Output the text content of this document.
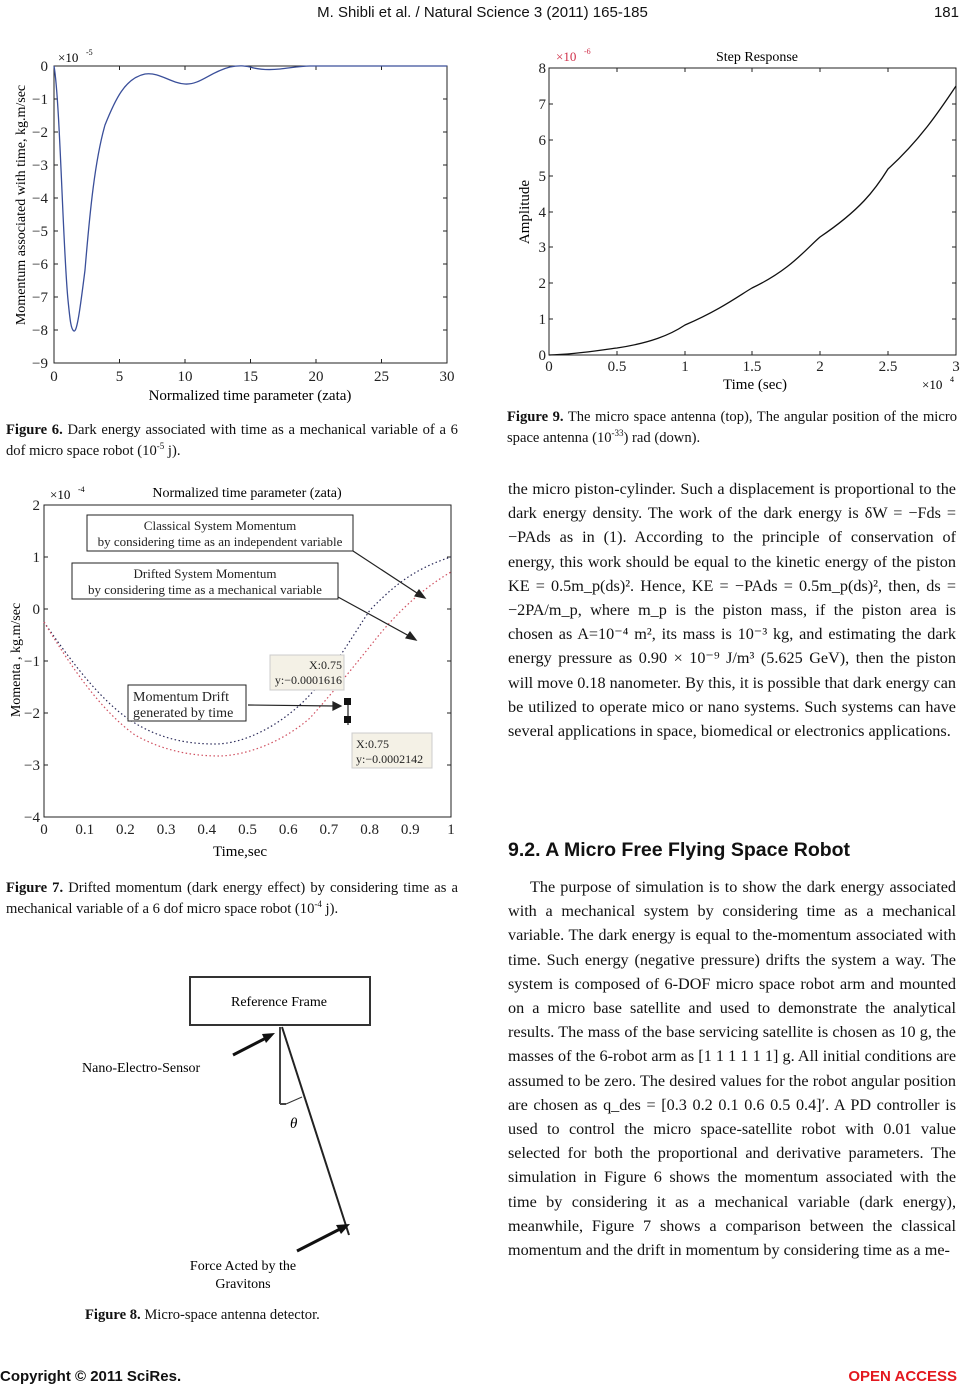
M. Shibli et al. / Natural Science 3 (2011) 165-185	181
0
−1
−2
−3
−4
−5
−6
−7
−8
−9
0	5	10	15	20	25	30
Normalized time parameter (zata)
Momentum associated with time, kg.m/sec
×10 -5
Figure 6. Dark energy associated with time as a mechanical variable of a 6 dof micro space robot ($10^{-5}$ j).
Classical System Momentum
by considering time as an independent variable
Drifted System Momentum
by considering time as a mechanical variable
Momentum Drift
generated by time
X:0.75
y:−0.0001616
X:0.75
y:−0.0002142
2
1
0
−1
−2
−3
−4
0 0.1 0.2 0.3 0.4 0.5 0.6 0.7 0.8 0.9 1
Normalized time parameter (zata)
Time,sec
Momenta , kg.m/sec
×10 -4
Figure 7. Drifted momentum (dark energy effect) by considering time as a mechanical variable of a 6 dof micro space robot ($10^{-4}$ j).
Reference Frame
θ
Nano-Electro-Sensor
Force Acted by the
Gravitons
Figure 8. Micro-space antenna detector.
8
7
6
5
4
3
2
1
0
0	0.5	1	1.5	2	2.5	3
Step Response
Time (sec)
Amplitude
×10 -6
×10 4
Figure 9. The micro space antenna (top), The angular position of the micro space antenna $(10^{-33})$ rad (down).

the micro piston-cylinder. Such a displacement is proportional to the dark energy density. The work of the dark energy is δW = −Fds = −PAds as in (1). According to the principle of conservation of energy, this work should be equal to the kinetic energy of the piston KE = 0.5m_p(ds)². Hence, KE = −PAds = 0.5m_p(ds)², then, ds = −2PA/m_p, where m_p is the piston mass, if the piston area is chosen as A=10⁻⁴ m², its mass is 10⁻³ kg, and estimating the dark energy pressure as 0.90 × 10⁻⁹ J/m³ (5.625 GeV), then the piston will move 0.18 nanometer. By this, it is possible that dark energy can be utilized to operate mico or nano systems. Such systems can have several applications in space, biomedical or electronics applications.

9.2. A Micro Free Flying Space Robot

The purpose of simulation is to show the dark energy associated with a mechanical system by considering time as a mechanical variable. The dark energy is equal to the-momentum associated with time. Such energy (negative pressure) drifts the system a way. The system is composed of 6-DOF micro space robot arm and mounted on a micro base satellite and used to demonstrate the analytical results. The mass of the base servicing satellite is chosen as 10 g, the masses of the 6-robot arm as [1 1 1 1 1 1] g. All initial conditions are assumed to be zero. The desired values for the robot angular position are chosen as q_des = [0.3 0.2 0.1 0.6 0.5 0.4]′. A PD controller is used to control the micro space-satellite robot with 0.01 value selected for both the proportional and derivative parameters. The simulation in Figure 6 shows the momentum associated with the time by considering it as a mechanical variable (dark energy), meanwhile, Figure 7 shows a comparison between the classical momentum and the drift in momentum by considering time as a me-

Copyright © 2011 SciRes.	OPEN ACCESS
